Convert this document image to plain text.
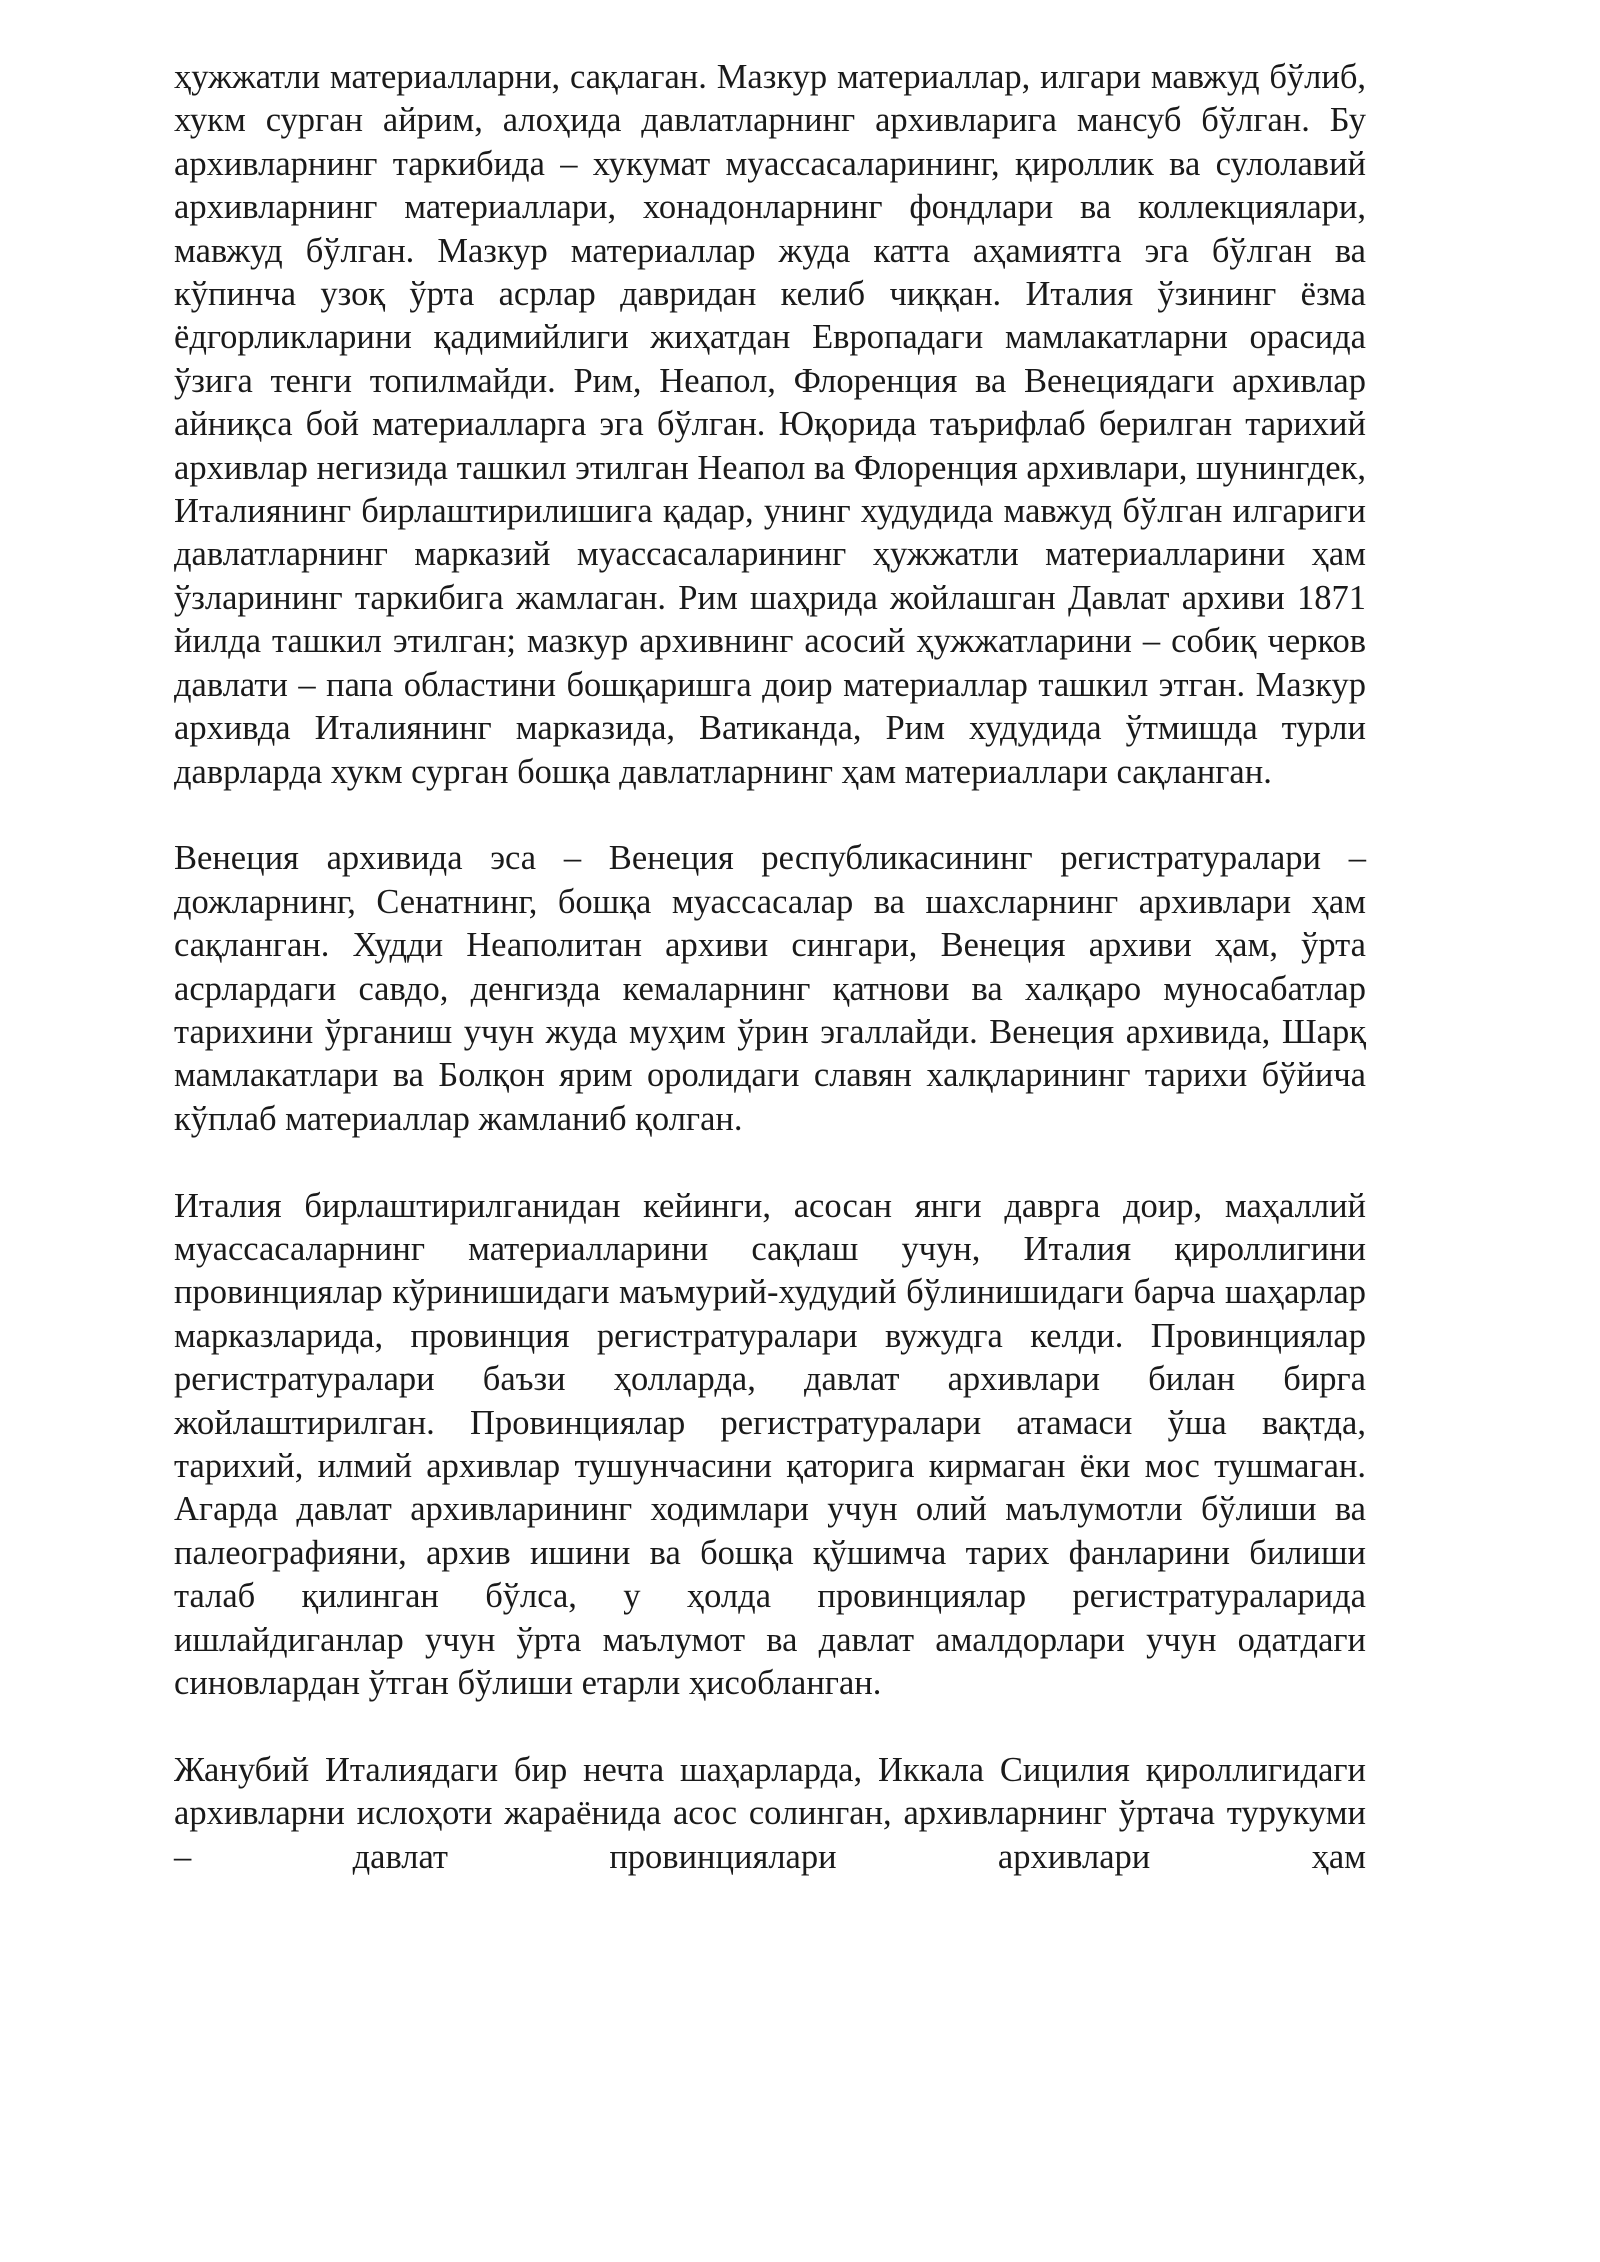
ҳужжатли материалларни, сақлаган. Мазкур материаллар, илгари мавжуд бўлиб, хукм сурган айрим, алоҳида давлатларнинг архивларига мансуб бўлган. Бу архивларнинг таркибида – хукумат муассасаларининг, қироллик ва сулолавий архивларнинг материаллари, хонадонларнинг фондлари ва коллекциялари, мавжуд бўлган. Мазкур материаллар жуда катта аҳамиятга эга бўлган ва кўпинча узоқ ўрта асрлар давридан келиб чиққан. Италия ўзининг ёзма ёдгорликларини қадимийлиги жиҳатдан Европадаги мамлакатларни орасида ўзига тенги топилмайди. Рим, Неапол, Флоренция ва Венециядаги архивлар айниқса бой материалларга эга бўлган. Юқорида таърифлаб берилган тарихий архивлар негизида ташкил этилган Неапол ва Флоренция архивлари, шунингдек, Италиянинг бирлаштирилишига қадар, унинг худудида мавжуд бўлган илгариги давлатларнинг марказий муассасаларининг ҳужжатли материалларини ҳам ўзларининг таркибига жамлаган. Рим шаҳрида жойлашган Давлат архиви 1871 йилда ташкил этилган; мазкур архивнинг асосий ҳужжатларини – собиқ черков давлати – папа областини бошқаришга доир материаллар ташкил этган. Мазкур архивда Италиянинг марказида, Ватиканда, Рим худудида ўтмишда турли даврларда хукм сурган бошқа давлатларнинг ҳам материаллари сақланган.

Венеция архивида эса – Венеция республикасининг регистратуралари – дожларнинг, Сенатнинг, бошқа муассасалар ва шахсларнинг архивлари ҳам сақланган. Худди Неаполитан архиви сингари, Венеция архиви ҳам, ўрта асрлардаги савдо, денгизда кемаларнинг қатнови ва халқаро муносабатлар тарихини ўрганиш учун жуда муҳим ўрин эгаллайди. Венеция архивида, Шарқ мамлакатлари ва Болқон ярим оролидаги славян халқларининг тарихи бўйича кўплаб материаллар жамланиб қолган.

Италия бирлаштирилганидан кейинги, асосан янги даврга доир, маҳаллий муассасаларнинг материалларини сақлаш учун, Италия қироллигини провинциялар кўринишидаги маъмурий-худудий бўлинишидаги барча шаҳарлар марказларида, провинция регистратуралари вужудга келди. Провинциялар регистратуралари баъзи ҳолларда, давлат архивлари билан бирга жойлаштирилган. Провинциялар регистратуралари атамаси ўша вақтда, тарихий, илмий архивлар тушунчасини қаторига кирмаган ёки мос тушмаган. Агарда давлат архивларининг ходимлари учун олий маълумотли бўлиши ва палеографияни, архив ишини ва бошқа қўшимча тарих фанларини билиши талаб қилинган бўлса, у ҳолда провинциялар регистратураларида ишлайдиганлар учун ўрта маълумот ва давлат амалдорлари учун одатдаги синовлардан ўтган бўлиши етарли ҳисобланган.

Жанубий Италиядаги бир нечта шаҳарларда, Иккала Сицилия қироллигидаги архивларни ислоҳоти жараёнида асос солинган, архивларнинг ўртача турукуми – давлат провинциялари архивлари ҳам
